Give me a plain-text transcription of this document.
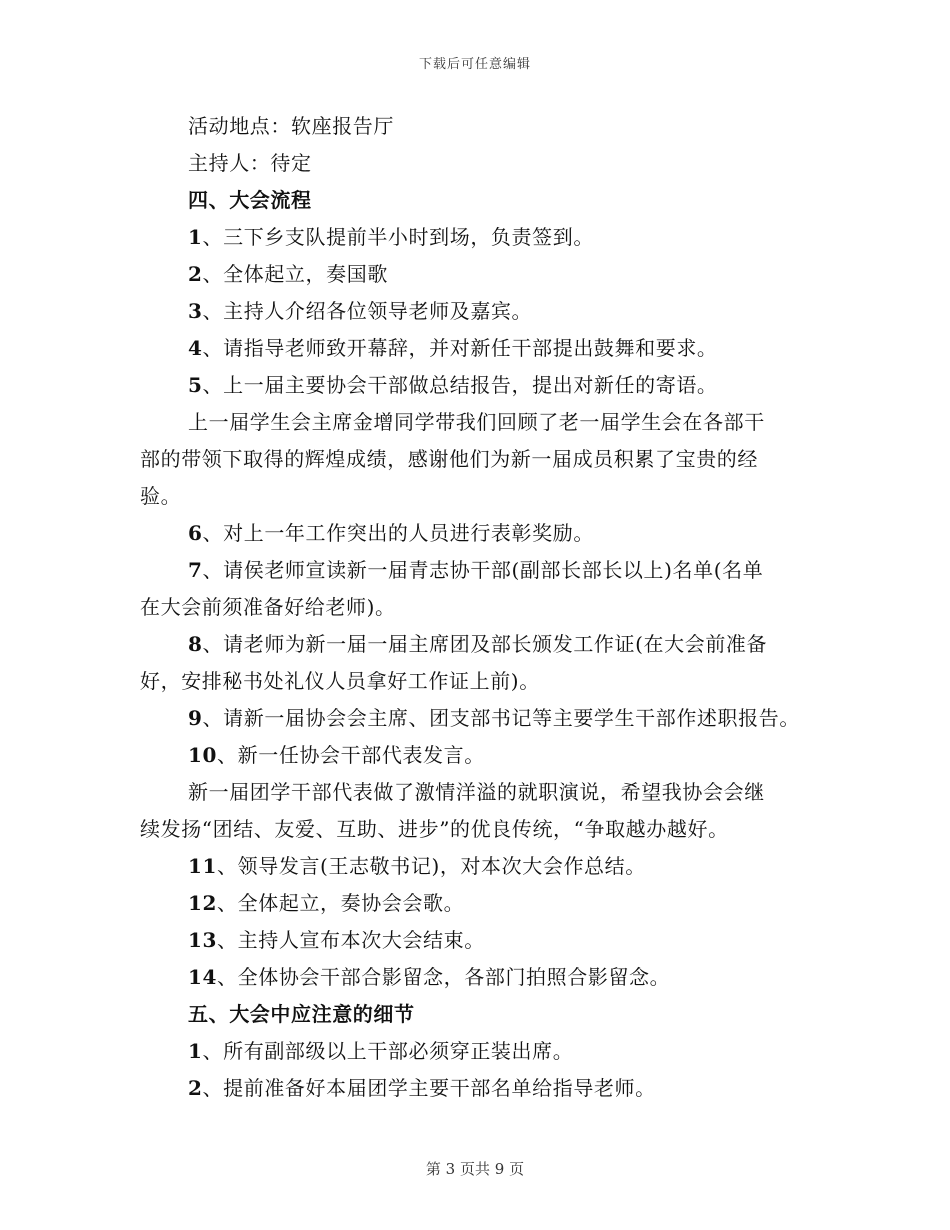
下载后可任意编辑
活动地点：软座报告厅
主持人：待定
四、大会流程
1、三下乡支队提前半小时到场，负责签到。
2、全体起立，奏国歌
3、主持人介绍各位领导老师及嘉宾。
4、请指导老师致开幕辞，并对新任干部提出鼓舞和要求。
5、上一届主要协会干部做总结报告，提出对新任的寄语。
上一届学生会主席金增同学带我们回顾了老一届学生会在各部干
部的带领下取得的辉煌成绩，感谢他们为新一届成员积累了宝贵的经
验。
6、对上一年工作突出的人员进行表彰奖励。
7、请侯老师宣读新一届青志协干部(副部长部长以上)名单(名单
在大会前须准备好给老师)。
8、请老师为新一届一届主席团及部长颁发工作证(在大会前准备
好，安排秘书处礼仪人员拿好工作证上前)。
9、请新一届协会会主席、团支部书记等主要学生干部作述职报告。
10、新一任协会干部代表发言。
新一届团学干部代表做了激情洋溢的就职演说，希望我协会会继
续发扬“团结、友爱、互助、进步”的优良传统，“争取越办越好。
11、领导发言(王志敬书记)，对本次大会作总结。
12、全体起立，奏协会会歌。
13、主持人宣布本次大会结束。
14、全体协会干部合影留念，各部门拍照合影留念。
五、大会中应注意的细节
1、所有副部级以上干部必须穿正装出席。
2、提前准备好本届团学主要干部名单给指导老师。
第 3 页共 9 页
